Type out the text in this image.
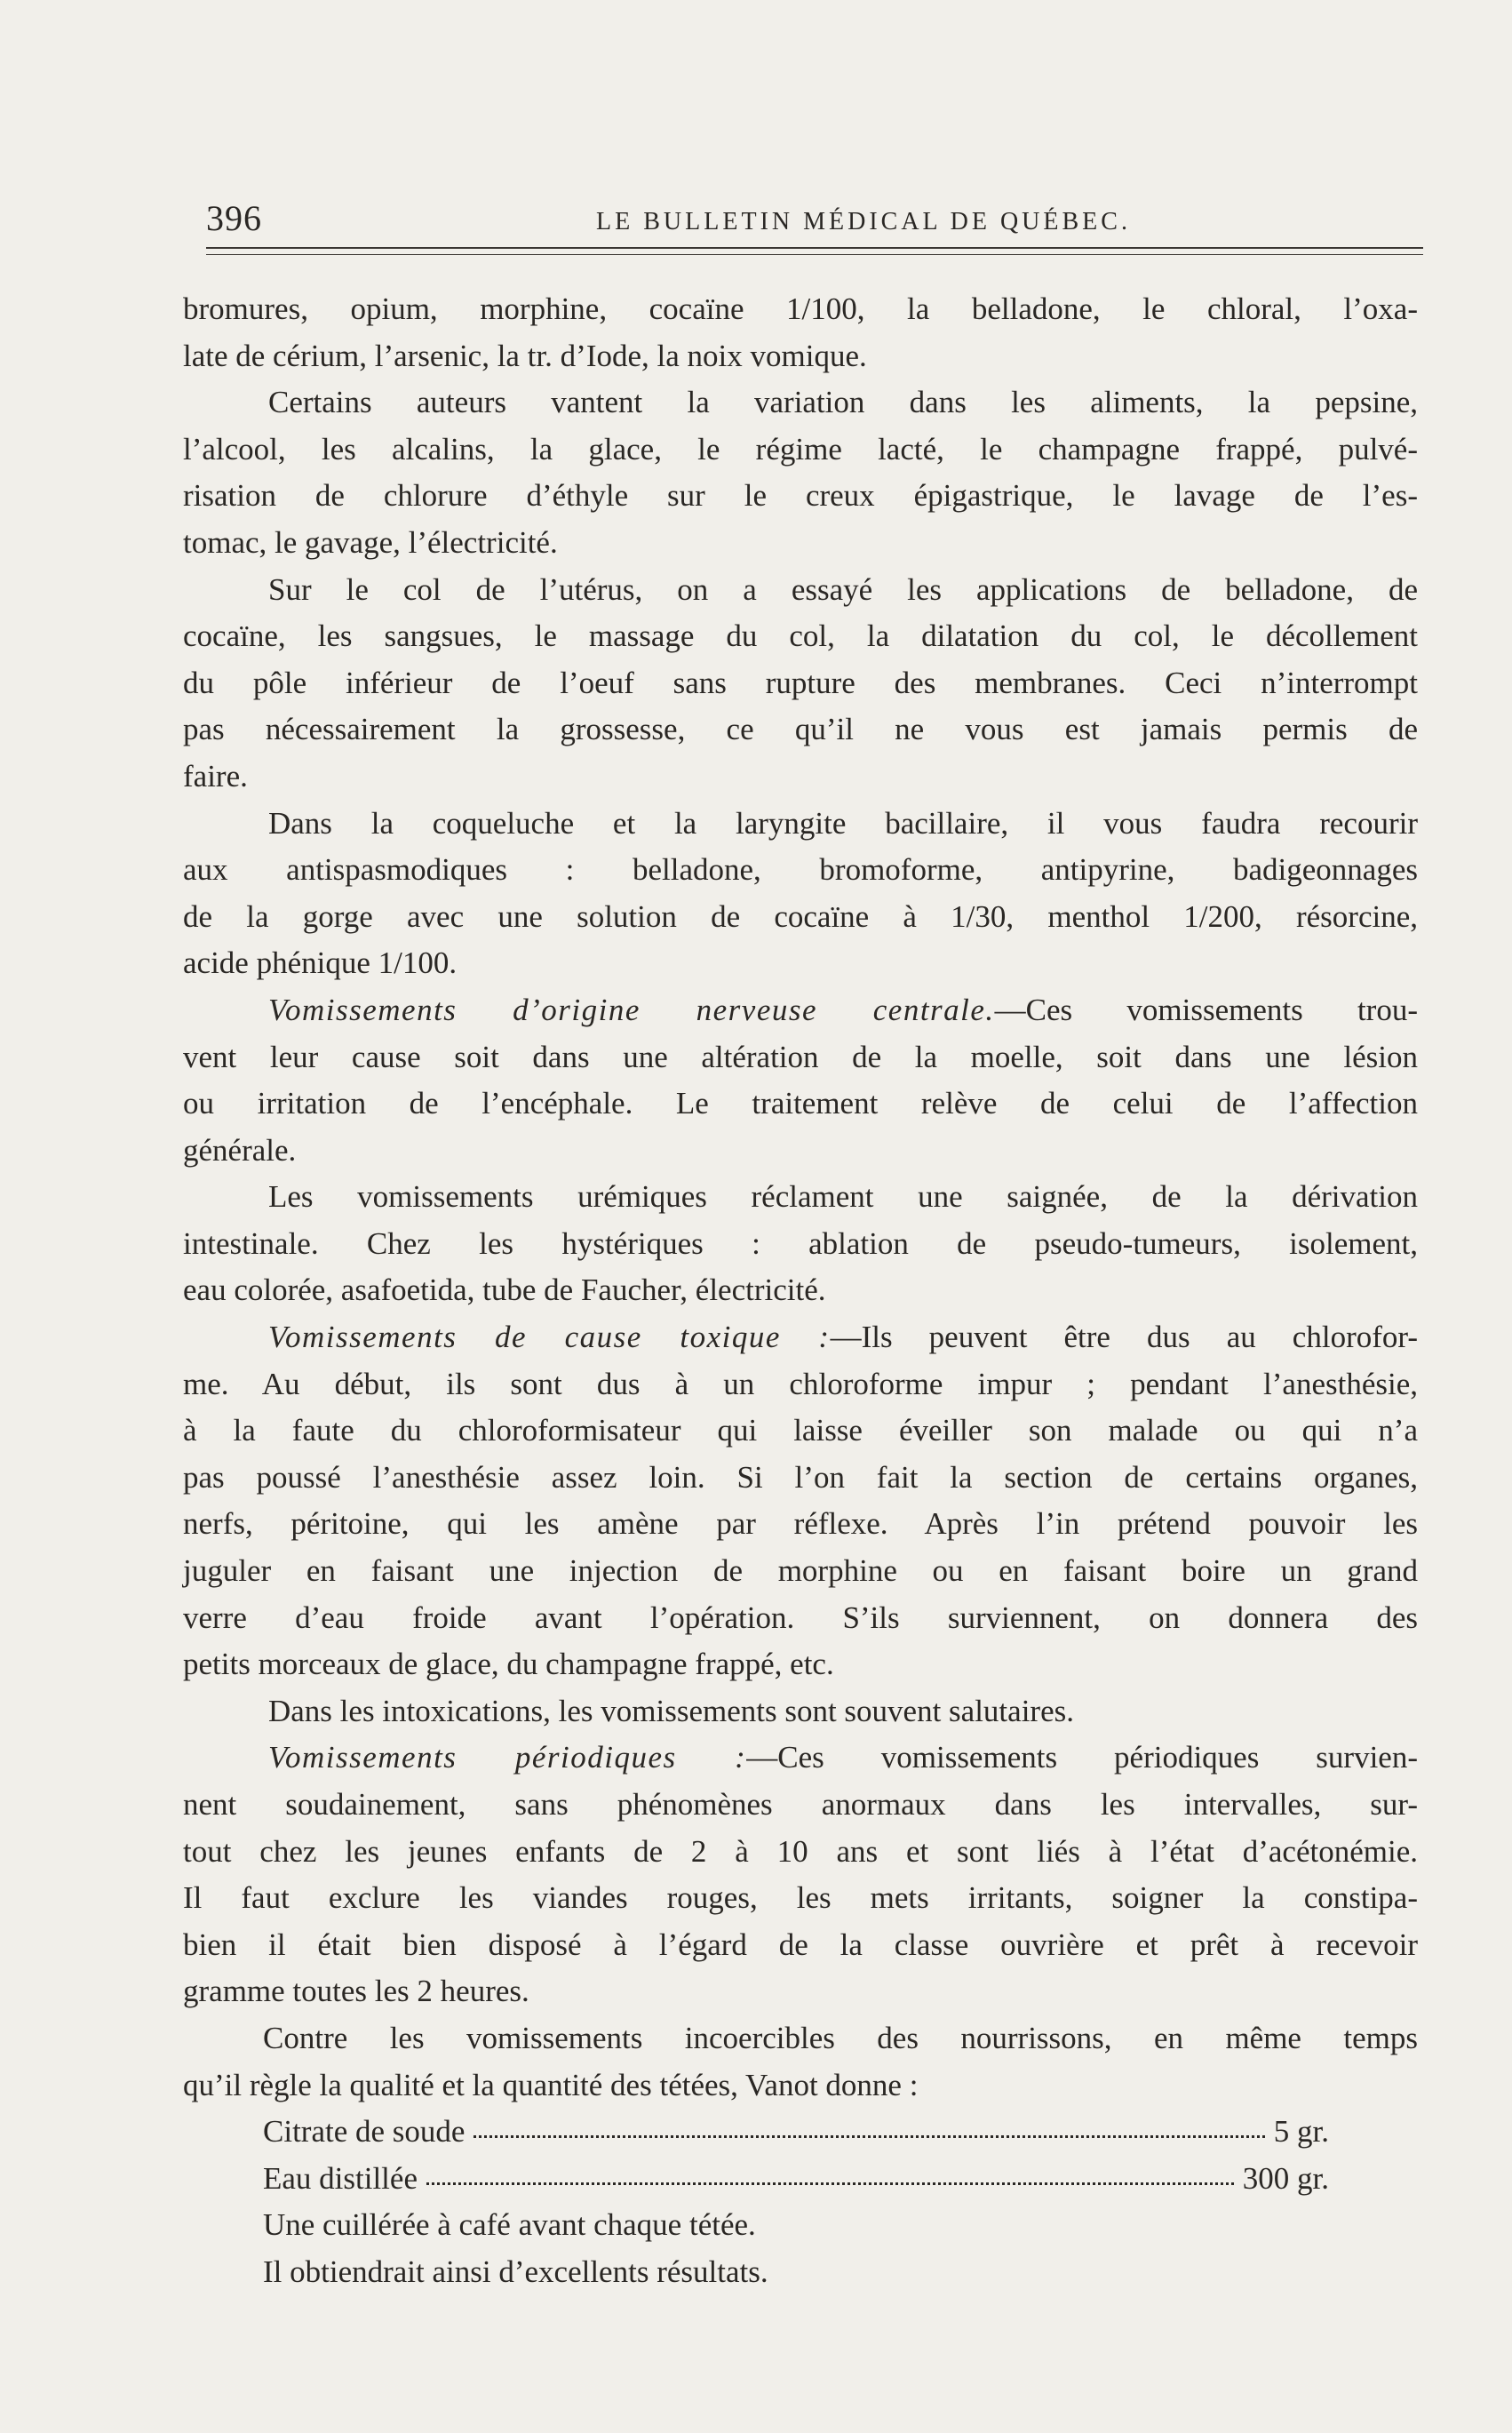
396	LE BULLETIN MÉDICAL DE QUÉBEC.
bromures, opium, morphine, cocaïne 1/100, la belladone, le chloral, l’oxa-
late de cérium, l’arsenic, la tr. d’Iode, la noix vomique.
Certains auteurs vantent la variation dans les aliments, la pepsine,
l’alcool, les alcalins, la glace, le régime lacté, le champagne frappé, pulvé-
risation de chlorure d’éthyle sur le creux épigastrique, le lavage de l’es-
tomac, le gavage, l’électricité.
Sur le col de l’utérus, on a essayé les applications de belladone, de
cocaïne, les sangsues, le massage du col, la dilatation du col, le décollement
du pôle inférieur de l’oeuf sans rupture des membranes. Ceci n’interrompt
pas nécessairement la grossesse, ce qu’il ne vous est jamais permis de
faire.
Dans la coqueluche et la laryngite bacillaire, il vous faudra recourir
aux antispasmodiques : belladone, bromoforme, antipyrine, badigeonnages
de la gorge avec une solution de cocaïne à 1/30, menthol 1/200, résorcine,
acide phénique 1/100.
Vomissements d’origine nerveuse centrale.—Ces vomissements trou-
vent leur cause soit dans une altération de la moelle, soit dans une lésion
ou irritation de l’encéphale. Le traitement relève de celui de l’affection
générale.
Les vomissements urémiques réclament une saignée, de la dérivation
intestinale. Chez les hystériques : ablation de pseudo-tumeurs, isolement,
eau colorée, asafoetida, tube de Faucher, électricité.
Vomissements de cause toxique :—Ils peuvent être dus au chlorofor-
me. Au début, ils sont dus à un chloroforme impur ; pendant l’anesthésie,
à la faute du chloroformisateur qui laisse éveiller son malade ou qui n’a
pas poussé l’anesthésie assez loin. Si l’on fait la section de certains organes,
nerfs, péritoine, qui les amène par réflexe. Après l’in prétend pouvoir les
juguler en faisant une injection de morphine ou en faisant boire un grand
verre d’eau froide avant l’opération. S’ils surviennent, on donnera des
petits morceaux de glace, du champagne frappé, etc.
Dans les intoxications, les vomissements sont souvent salutaires.
Vomissements périodiques :—Ces vomissements périodiques survien-
nent soudainement, sans phénomènes anormaux dans les intervalles, sur-
tout chez les jeunes enfants de 2 à 10 ans et sont liés à l’état d’acétonémie.
Il faut exclure les viandes rouges, les mets irritants, soigner la constipa-
bien il était bien disposé à l’égard de la classe ouvrière et prêt à recevoir
gramme toutes les 2 heures.
Contre les vomissements incoercibles des nourrissons, en même temps
qu’il règle la qualité et la quantité des tétées, Vanot donne :
Citrate de soude	5 gr.
Eau distillée	300 gr.
Une cuillérée à café avant chaque tétée.
Il obtiendrait ainsi d’excellents résultats.
